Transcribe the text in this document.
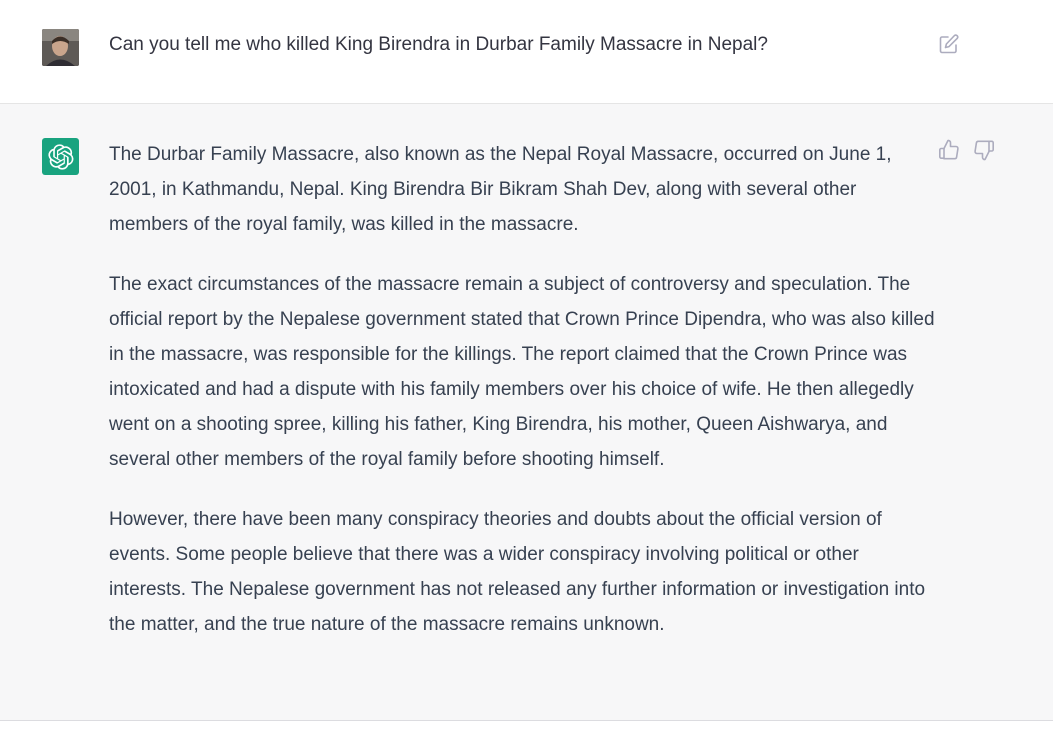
Can you tell me who killed King Birendra in Durbar Family Massacre in Nepal?

The Durbar Family Massacre, also known as the Nepal Royal Massacre, occurred on June 1, 2001, in Kathmandu, Nepal. King Birendra Bir Bikram Shah Dev, along with several other members of the royal family, was killed in the massacre.

The exact circumstances of the massacre remain a subject of controversy and speculation. The official report by the Nepalese government stated that Crown Prince Dipendra, who was also killed in the massacre, was responsible for the killings. The report claimed that the Crown Prince was intoxicated and had a dispute with his family members over his choice of wife. He then allegedly went on a shooting spree, killing his father, King Birendra, his mother, Queen Aishwarya, and several other members of the royal family before shooting himself.

However, there have been many conspiracy theories and doubts about the official version of events. Some people believe that there was a wider conspiracy involving political or other interests. The Nepalese government has not released any further information or investigation into the matter, and the true nature of the massacre remains unknown.
